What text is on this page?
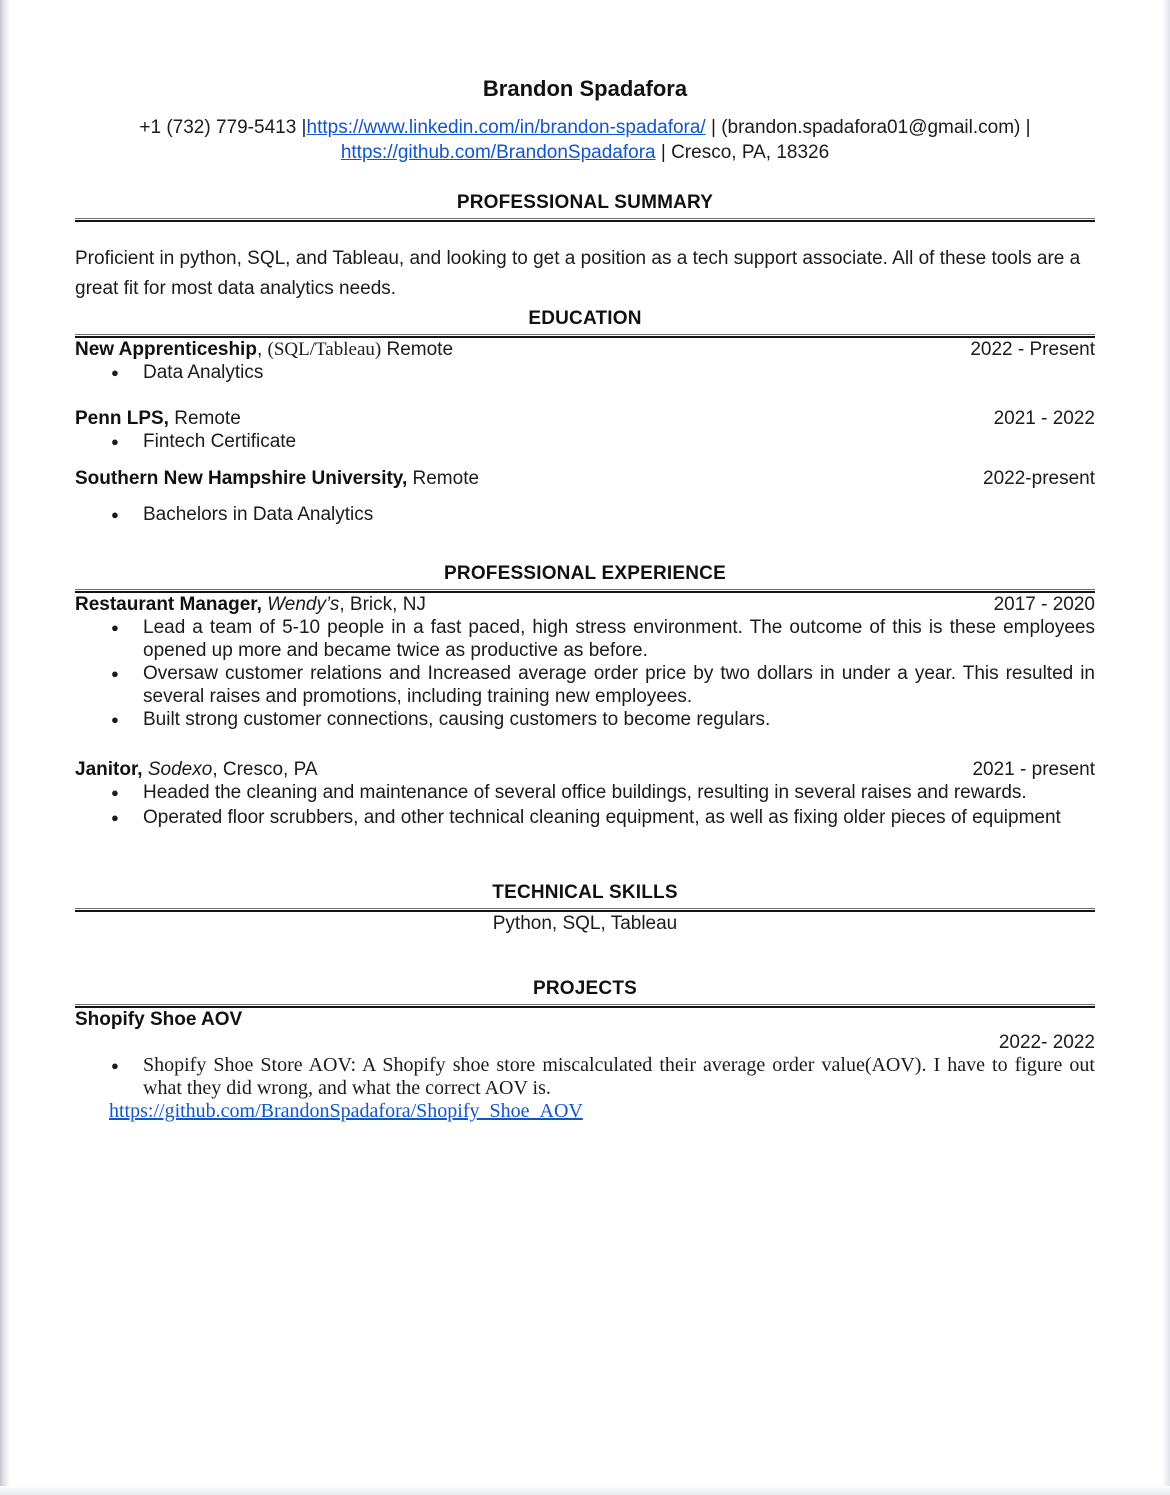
Brandon Spadafora
+1 (732) 779-5413 |https://www.linkedin.com/in/brandon-spadafora/ | (brandon.spadafora01@gmail.com) |
https://github.com/BrandonSpadafora | Cresco, PA, 18326
PROFESSIONAL SUMMARY
Proficient in python, SQL, and Tableau, and looking to get a position as a tech support associate. All of these tools are a great fit for most data analytics needs.
EDUCATION
New Apprenticeship, (SQL/Tableau) Remote	2022 - Present
● Data Analytics
Penn LPS, Remote	2021 - 2022
● Fintech Certificate
Southern New Hampshire University, Remote	2022-present
● Bachelors in Data Analytics
PROFESSIONAL EXPERIENCE
Restaurant Manager, Wendy’s, Brick, NJ	2017 - 2020
● Lead a team of 5-10 people in a fast paced, high stress environment. The outcome of this is these employees opened up more and became twice as productive as before.
● Oversaw customer relations and Increased average order price by two dollars in under a year. This resulted in several raises and promotions, including training new employees.
● Built strong customer connections, causing customers to become regulars.
Janitor, Sodexo, Cresco, PA	2021 - present
● Headed the cleaning and maintenance of several office buildings, resulting in several raises and rewards.
● Operated floor scrubbers, and other technical cleaning equipment, as well as fixing older pieces of equipment
TECHNICAL SKILLS
Python, SQL, Tableau
PROJECTS
Shopify Shoe AOV
2022- 2022
● Shopify Shoe Store AOV: A Shopify shoe store miscalculated their average order value(AOV). I have to figure out what they did wrong, and what the correct AOV is.
https://github.com/BrandonSpadafora/Shopify_Shoe_AOV
